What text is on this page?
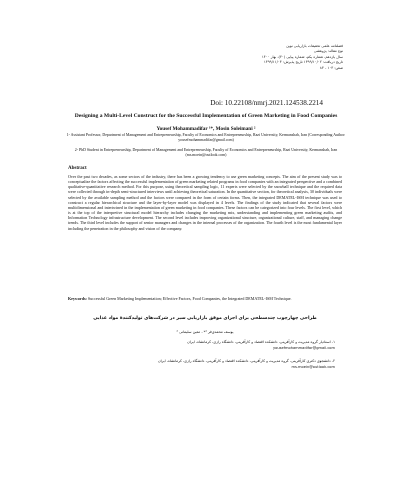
فصلنامه علمی تحقیقات بازاریابی نوین
نوع مقاله: پژوهشی
سال یازدهم، شماره یکم، شماره پیاپی (۴۰)، بهار ۱۴۰۰
تاریخ دریافت: ۱۳۹۹/۱۰/۰۲ تاریخ پذیرش: ۱۳۹۹/۱۱/۰۳
صص: ۱۰۳ - ۸۳
Doi: 10.22108/nmrj.2021.124538.2214
Designing a Multi-Level Construct for the Successful Implementation of Green Marketing in Food Companies
Yousef Mohammadifar ¹*, Mosin Soleimani ²
1- Assistant Professor, Department of Management and Entrepreneurship, Faculty of Economics and Entrepreneurship, Razi University, Kermanshah, Iran (Corresponding Author: yousefmohammadifar@gmail.com)
2- PhD Student in Entrepreneurship, Department of Management and Entrepreneurship, Faculty of Economics and Entrepreneurship, Razi University, Kermanshah, Iran (ms.moein@outlook.com)
Abstract
Over the past two decades, as some sectors of the industry, there has been a growing tendency to use green marketing concepts. The aim of the present study was to conceptualize the factors affecting the successful implementation of green marketing related programs in food companies with an integrated perspective and a combined qualitative-quantitative research method. For this purpose, using theoretical sampling logic, 11 experts were selected by the snowball technique and the required data were collected through in-depth semi-structured interviews until achieving theoretical saturation. In the quantitative section, for theoretical analysis, 30 individuals were selected by the available sampling method and the factors were compared in the form of certain forms. Then, the integrated DEMATEL-ISM technique was used to construct a regular hierarchical structure and the layer-by-layer model was displayed in 4 levels. The findings of the study indicated that several factors were multidimensional and intertwined in the implementation of green marketing in food companies. These factors can be categorized into four levels. The first level, which is at the top of the interpretive structural model hierarchy includes changing the marketing mix, understanding and implementing green marketing audits, and Information Technology infrastructure development. The second level includes improving organizational structure, organizational culture, staff, and managing change trends. The third level includes the support of senior managers and changes in the internal processes of the organization. The fourth level is the most fundamental layer including the penetration in the philosophy and vision of the company.
Keywords: Successful Green Marketing Implementation; Effective Factors, Food Companies, the Integrated DEMATEL-ISM Technique.
طراحی چهارچوب چندسطحی برای اجرای موفق بازاریابی سبز در شرکت‌های تولیدکنندهٔ مواد غذایی
یوسف محمدی‌فر ¹* ، معین سلیمانی ²
۱- استادیار گروه مدیریت و کارآفرینی، دانشکده اقتصاد و کارآفرینی، دانشگاه رازی، کرمانشاه، ایران
yousefmohammadifar@gmail.com
۲- دانشجوی دکتری کارآفرینی، گروه مدیریت و کارآفرینی، دانشکده اقتصاد و کارآفرینی، دانشگاه رازی، کرمانشاه، ایران
ms.moein@outlook.com
